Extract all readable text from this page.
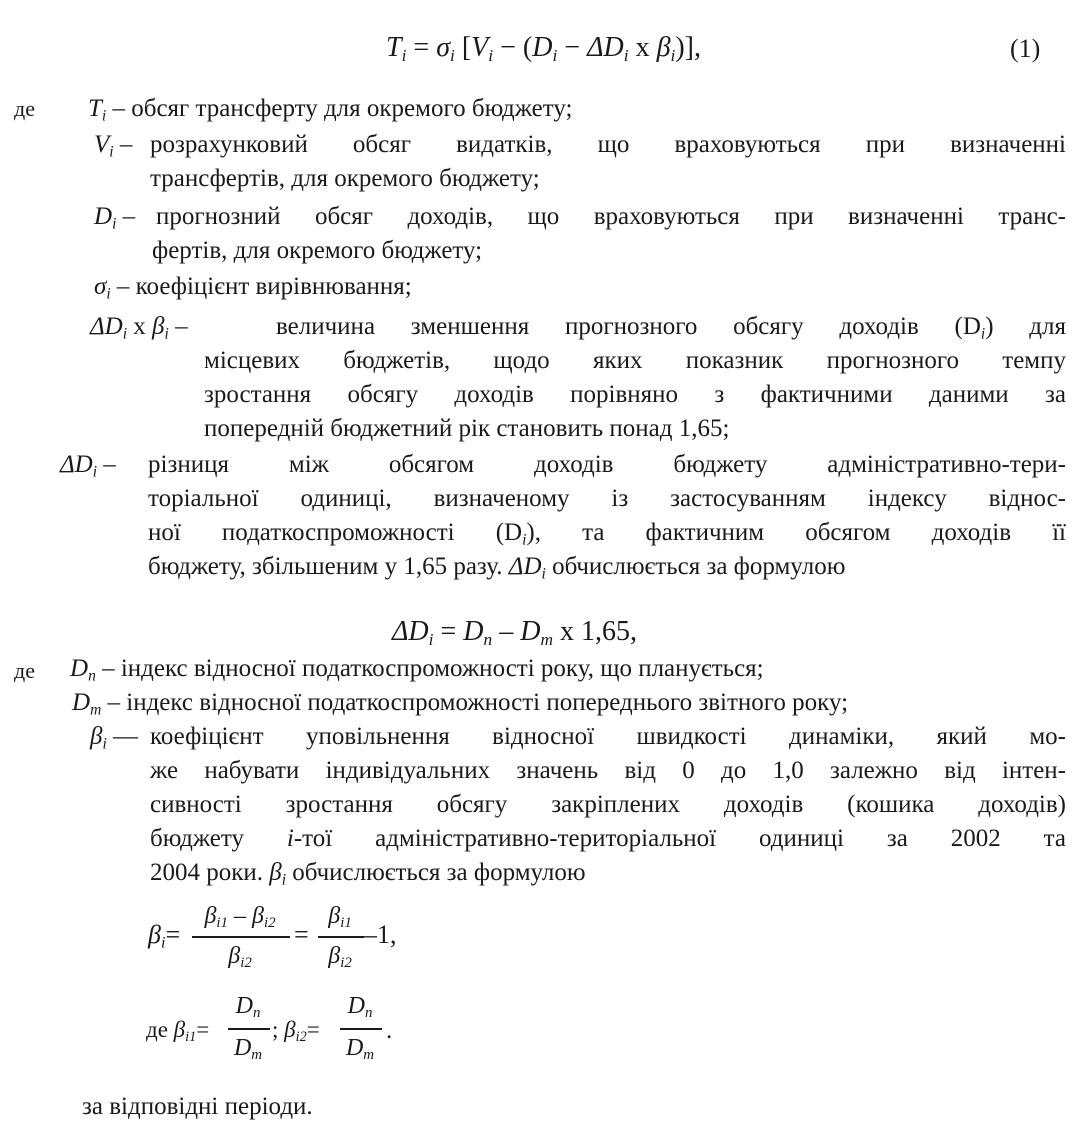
$T_i = \sigma_i$ [$V_i - (D_i - \Delta D_i$ x $\beta_i$)],	(1)
де $T_i$ – обсяг трансферту для окремого бюджету;
$V_i$ – розрахунковий обсяг видатків, що враховуються при визначенні
трансфертів, для окремого бюджету;
$D_i$ – прогнозний обсяг доходів, що враховуються при визначенні транс-
фертів, для окремого бюджету;
$\sigma_i$ – коефіцієнт вирівнювання;
$\Delta D_i$ x $\beta_i$ –	величина зменшення прогнозного обсягу доходів $(D_i)$ для
місцевих бюджетів, щодо яких показник прогнозного темпу
зростання обсягу доходів порівняно з фактичними даними за
попередній бюджетний рік становить понад 1,65;
$\Delta D_i$ – різниця між обсягом доходів бюджету адміністративно-тери-
торіальної одиниці, визначеному із застосуванням індексу віднос-
ної податкоспроможності $(D_i)$, та фактичним обсягом доходів її
бюджету, збільшеним у 1,65 разу. $\Delta D_i$ обчислюється за формулою
$\Delta D_i = D_n - D_m$ x 1,65,
де $D_n$ – індекс відносної податкоспроможності року, що планується;
$D_m$ – індекс відносної податкоспроможності попереднього звітного року;
$\beta_i$ — коефіцієнт уповільнення відносної швидкості динаміки, який мо-
же набувати індивідуальних значень від 0 до 1,0 залежно від інтен-
сивності зростання обсягу закріплених доходів (кошика доходів)
бюджету i-тої адміністративно-територіальної одиниці за 2002 та
2004 роки. $\beta_i$ обчислюється за формулою
$\beta_i=$
$\beta_{i1} - \beta_{i2}$
$\beta_{i2}$
=
$\beta_{i1}$
$\beta_{i2}$
–1,
де $\beta_{i1}=$
$D_n$
$D_m$
; $\beta_{i2}=$
$D_n$
$D_m$
.
за відповідні періоди.
